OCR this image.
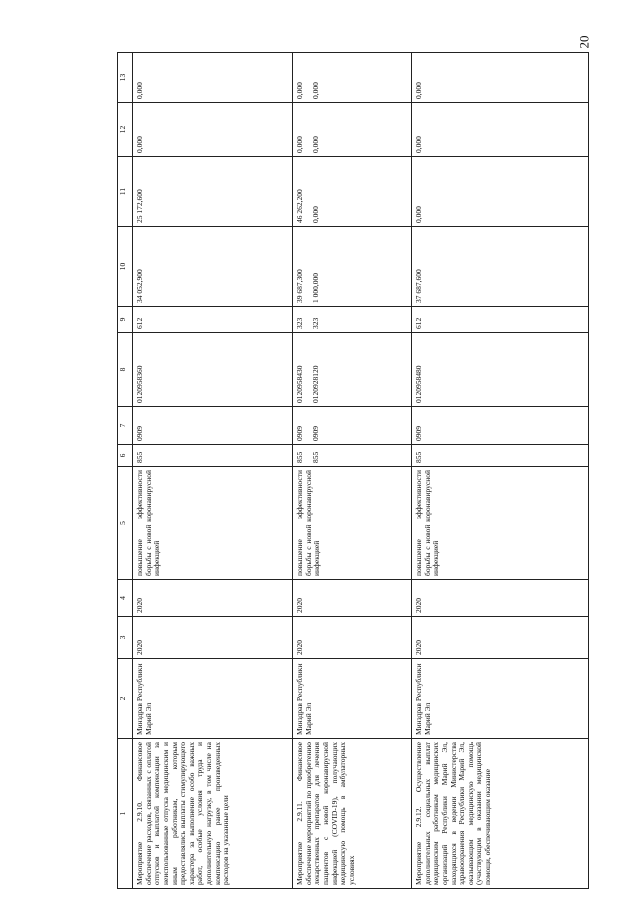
20
1	2	3	4	5	6	7	8	9	10	11	12	13
Мероприятие 2.9.10. Финансовое обеспечение расходов, связанных с оплатой отпусков и выплатой компенсации за неиспользованные отпуска медицинским и иным работникам, которым предоставлялись выплаты стимулирующего характера за выполнение особо важных работ, особые условия труда и дополнительную нагрузку, в том числе на компенсацию ранее произведенных расходов на указанные цели	Минздрав Республики Марий Эл	2020	2020	повышение эффективности борьбы с новой коронавирусной инфекцией	855	0909	0120958360	612	34 052,900	25 172,600	0,000	0,000
Мероприятие 2.9.11. Финансовое обеспечение мероприятий по приобретению лекарственных препаратов для лечения пациентов с новой коронавирусной инфекцией (COVID-19), получающих медицинскую помощь в амбулаторных условиях	Минздрав Республики Марий Эл	2020	2020	повышение эффективности борьбы с новой коронавирусной инфекцией	855 855	0909 0909	0120958430 0120928120	323 323	39 687,300 1 000,000	46 262,200 0,000	0,000 0,000	0,000 0,000

Мероприятие 2.9.12. Осуществление дополнительных социальных выплат медицинским работникам медицинских организаций Республики Марий Эл, находящихся в ведении Министерства здравоохранения Республики Марий Эл, оказывающим медицинскую помощь (участвующим в оказании медицинской помощи, обеспечивающим оказание	Минздрав Республики Марий Эл	2020	2020	повышение эффективности борьбы с новой коронавирусной инфекцией	855	0909	0120958480	612	37 687,600	0,000	0,000	0,000
